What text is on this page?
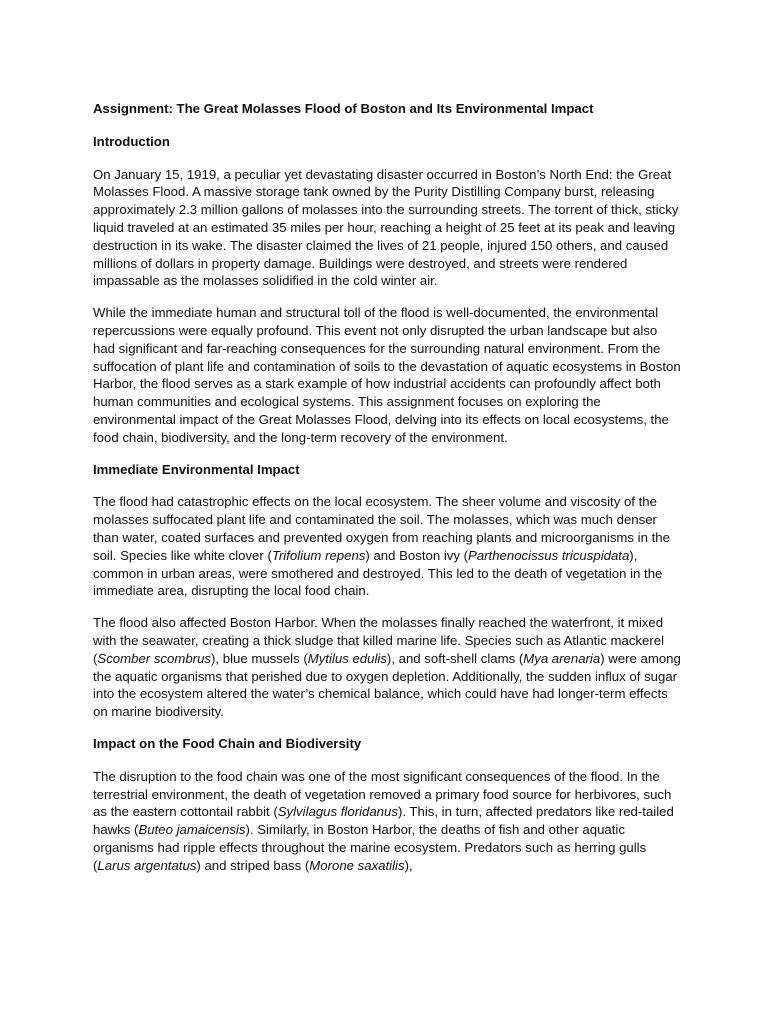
Assignment: The Great Molasses Flood of Boston and Its Environmental Impact
Introduction

On January 15, 1919, a peculiar yet devastating disaster occurred in Boston’s North End: the Great Molasses Flood. A massive storage tank owned by the Purity Distilling Company burst, releasing approximately 2.3 million gallons of molasses into the surrounding streets. The torrent of thick, sticky liquid traveled at an estimated 35 miles per hour, reaching a height of 25 feet at its peak and leaving destruction in its wake. The disaster claimed the lives of 21 people, injured 150 others, and caused millions of dollars in property damage. Buildings were destroyed, and streets were rendered impassable as the molasses solidified in the cold winter air.

While the immediate human and structural toll of the flood is well-documented, the environmental repercussions were equally profound. This event not only disrupted the urban landscape but also had significant and far-reaching consequences for the surrounding natural environment. From the suffocation of plant life and contamination of soils to the devastation of aquatic ecosystems in Boston Harbor, the flood serves as a stark example of how industrial accidents can profoundly affect both human communities and ecological systems. This assignment focuses on exploring the environmental impact of the Great Molasses Flood, delving into its effects on local ecosystems, the food chain, biodiversity, and the long-term recovery of the environment.

Immediate Environmental Impact

The flood had catastrophic effects on the local ecosystem. The sheer volume and viscosity of the molasses suffocated plant life and contaminated the soil. The molasses, which was much denser than water, coated surfaces and prevented oxygen from reaching plants and microorganisms in the soil. Species like white clover (Trifolium repens) and Boston ivy (Parthenocissus tricuspidata), common in urban areas, were smothered and destroyed. This led to the death of vegetation in the immediate area, disrupting the local food chain.

The flood also affected Boston Harbor. When the molasses finally reached the waterfront, it mixed with the seawater, creating a thick sludge that killed marine life. Species such as Atlantic mackerel (Scomber scombrus), blue mussels (Mytilus edulis), and soft-shell clams (Mya arenaria) were among the aquatic organisms that perished due to oxygen depletion. Additionally, the sudden influx of sugar into the ecosystem altered the water’s chemical balance, which could have had longer-term effects on marine biodiversity.

Impact on the Food Chain and Biodiversity

The disruption to the food chain was one of the most significant consequences of the flood. In the terrestrial environment, the death of vegetation removed a primary food source for herbivores, such as the eastern cottontail rabbit (Sylvilagus floridanus). This, in turn, affected predators like red-tailed hawks (Buteo jamaicensis). Similarly, in Boston Harbor, the deaths of fish and other aquatic organisms had ripple effects throughout the marine ecosystem. Predators such as herring gulls (Larus argentatus) and striped bass (Morone saxatilis),
